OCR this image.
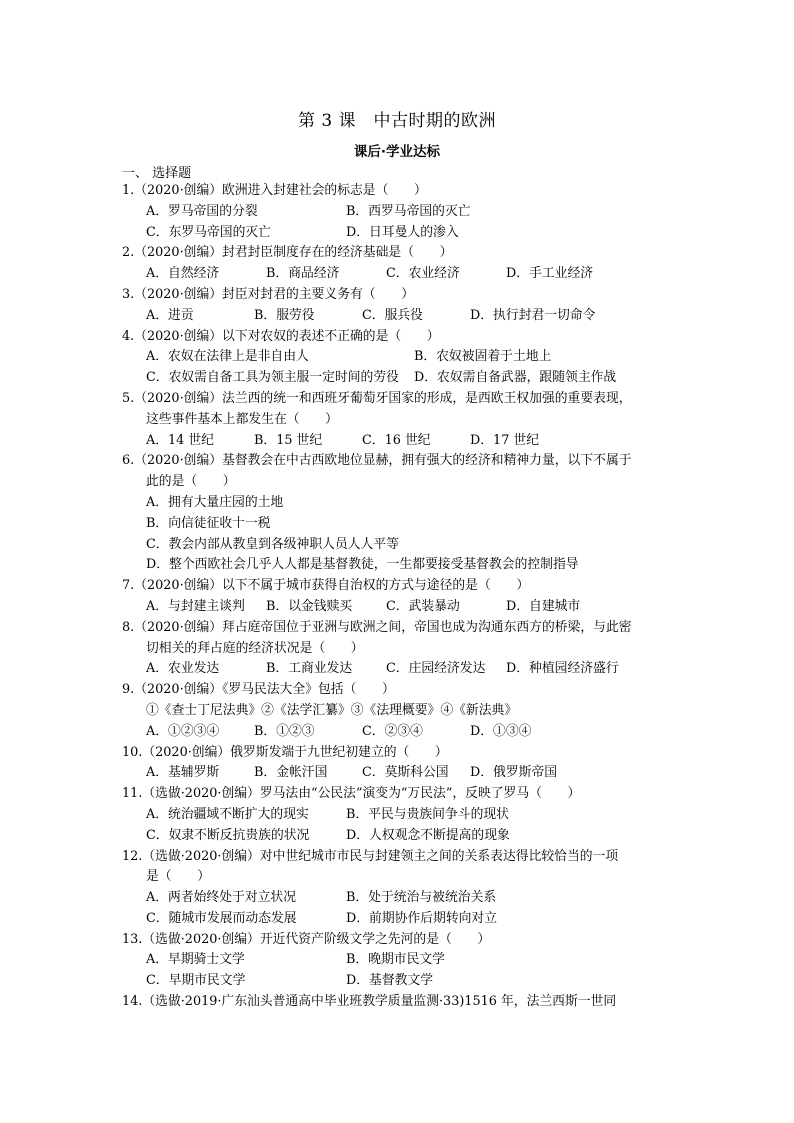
第 3 课　中古时期的欧洲
课后·学业达标
一、 选择题
1.（2020·创编）欧洲进入封建社会的标志是（　　）
A．罗马帝国的分裂	B．西罗马帝国的灭亡
C．东罗马帝国的灭亡	D．日耳曼人的渗入
2.（2020·创编）封君封臣制度存在的经济基础是（　　）
A．自然经济	B．商品经济	C．农业经济	D．手工业经济
3.（2020·创编）封臣对封君的主要义务有（　　）
A．进贡	B．服劳役	C．服兵役	D．执行封君一切命令
4.（2020·创编）以下对农奴的表述不正确的是（　　）
A．农奴在法律上是非自由人	B．农奴被固着于土地上
C．农奴需自备工具为领主服一定时间的劳役	D．农奴需自备武器，跟随领主作战
5.（2020·创编）法兰西的统一和西班牙葡萄牙国家的形成，是西欧王权加强的重要表现，
这些事件基本上都发生在（　　）
A．14 世纪	B．15 世纪	C．16 世纪	D．17 世纪
6.（2020·创编）基督教会在中古西欧地位显赫，拥有强大的经济和精神力量，以下不属于
此的是（　　）
A．拥有大量庄园的土地
B．向信徒征收十一税
C．教会内部从教皇到各级神职人员人人平等
D．整个西欧社会几乎人人都是基督教徒，一生都要接受基督教会的控制指导
7.（2020·创编）以下不属于城市获得自治权的方式与途径的是（　　）
A．与封建主谈判	B．以金钱赎买	C．武装暴动	D．自建城市
8.（2020·创编）拜占庭帝国位于亚洲与欧洲之间，帝国也成为沟通东西方的桥梁，与此密
切相关的拜占庭的经济状况是（　　）
A．农业发达	B．工商业发达	C．庄园经济发达	D．种植园经济盛行
9.（2020·创编）《罗马民法大全》包括（　　）
①《查士丁尼法典》②《法学汇纂》③《法理概要》④《新法典》
A．①②③④	B．①②③	C．②③④	D．①③④
10.（2020·创编）俄罗斯发端于九世纪初建立的（　　）
A．基辅罗斯	B．金帐汗国	C．莫斯科公国	D．俄罗斯帝国
11.（选做·2020·创编）罗马法由“公民法”演变为“万民法”，反映了罗马（　　）
A．统治疆域不断扩大的现实	B．平民与贵族间争斗的现状
C．奴隶不断反抗贵族的状况	D．人权观念不断提高的现象
12.（选做·2020·创编）对中世纪城市市民与封建领主之间的关系表达得比较恰当的一项
是（　　）
A．两者始终处于对立状况	B．处于统治与被统治关系
C．随城市发展而动态发展	D．前期协作后期转向对立
13.（选做·2020·创编）开近代资产阶级文学之先河的是（　　）
A．早期骑士文学	B．晚期市民文学
C．早期市民文学	D．基督教文学
14.（选做·2019·广东汕头普通高中毕业班教学质量监测·33)1516 年，法兰西斯一世同
